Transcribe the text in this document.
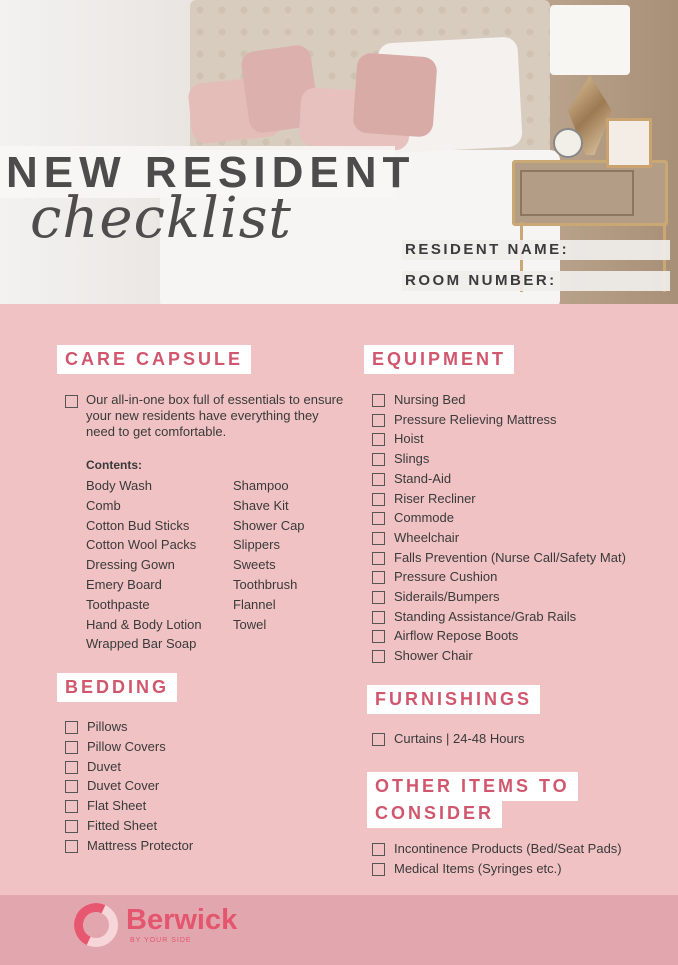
NEW RESIDENT
checklist	RESIDENT NAME:
ROOM NUMBER:
CARE CAPSULE
Our all-in-one box full of essentials to ensure your new residents have everything they need to get comfortable.
Contents:
Body Wash
Comb
Cotton Bud Sticks
Cotton Wool Packs
Dressing Gown
Emery Board
Toothpaste
Hand & Body Lotion
Wrapped Bar Soap
Shampoo
Shave Kit
Shower Cap
Slippers
Sweets
Toothbrush
Flannel
Towel
BEDDING
Pillows
Pillow Covers
Duvet
Duvet Cover
Flat Sheet
Fitted Sheet
Mattress Protector
EQUIPMENT
Nursing Bed
Pressure Relieving Mattress
Hoist
Slings
Stand-Aid
Riser Recliner
Commode
Wheelchair
Falls Prevention (Nurse Call/Safety Mat)
Pressure Cushion
Siderails/Bumpers
Standing Assistance/Grab Rails
Airflow Repose Boots
Shower Chair
FURNISHINGS
Curtains | 24-48 Hours
OTHER ITEMS TO
CONSIDER
Incontinence Products (Bed/Seat Pads)
Medical Items (Syringes etc.)
Berwick
BY YOUR SIDE
